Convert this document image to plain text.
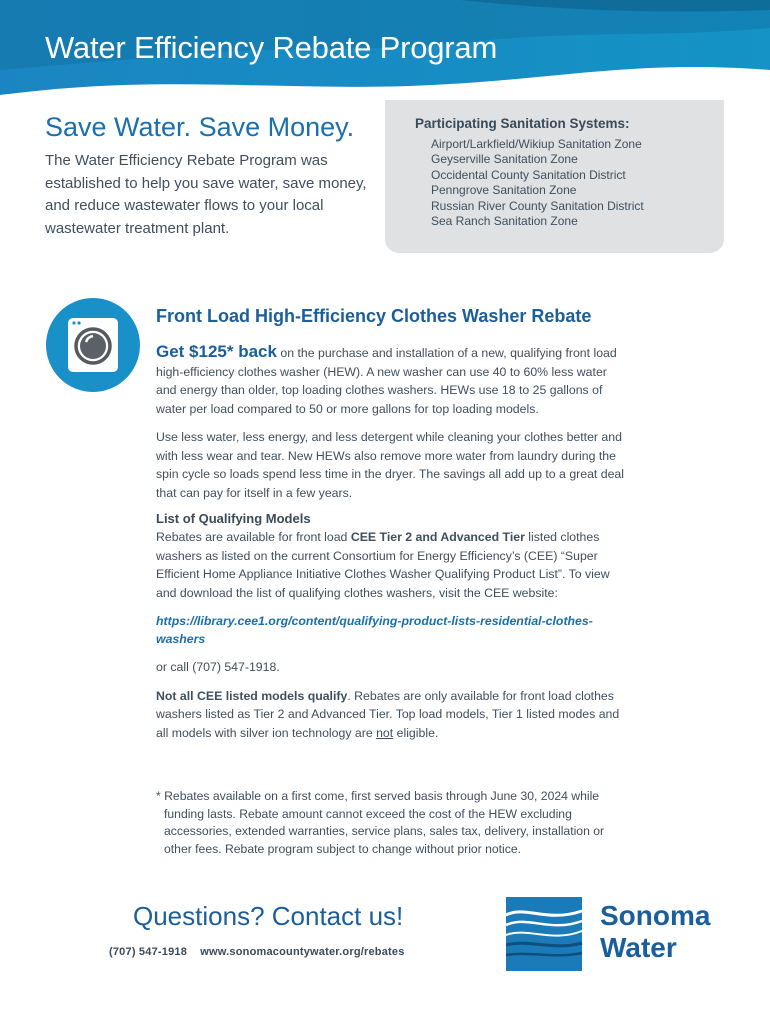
Water Efficiency Rebate Program
Save Water. Save Money.
The Water Efficiency Rebate Program was established to help you save water, save money, and reduce wastewater flows to your local wastewater treatment plant.
Participating Sanitation Systems:
Airport/Larkfield/Wikiup Sanitation Zone
Geyserville Sanitation Zone
Occidental County Sanitation District
Penngrove Sanitation Zone
Russian River County Sanitation District
Sea Ranch Sanitation Zone
Front Load High-Efficiency Clothes Washer Rebate

Get $125* back on the purchase and installation of a new, qualifying front load high-efficiency clothes washer (HEW). A new washer can use 40 to 60% less water and energy than older, top loading clothes washers. HEWs use 18 to 25 gallons of water per load compared to 50 or more gallons for top loading models.

Use less water, less energy, and less detergent while cleaning your clothes better and with less wear and tear. New HEWs also remove more water from laundry during the spin cycle so loads spend less time in the dryer. The savings all add up to a great deal that can pay for itself in a few years.

List of Qualifying Models

Rebates are available for front load CEE Tier 2 and Advanced Tier listed clothes washers as listed on the current Consortium for Energy Efficiency’s (CEE) “Super Efficient Home Appliance Initiative Clothes Washer Qualifying Product List”. To view and download the list of qualifying clothes washers, visit the CEE website:

https://library.cee1.org/content/qualifying-product-lists-residential-clothes-washers

or call (707) 547-1918.

Not all CEE listed models qualify. Rebates are only available for front load clothes washers listed as Tier 2 and Advanced Tier. Top load models, Tier 1 listed modes and all models with silver ion technology are not eligible.

* Rebates available on a first come, first served basis through June 30, 2024 while funding lasts. Rebate amount cannot exceed the cost of the HEW excluding accessories, extended warranties, service plans, sales tax, delivery, installation or other fees. Rebate program subject to change without prior notice.

Questions? Contact us!
(707) 547-1918 www.sonomacountywater.org/rebates
Sonoma
Water
